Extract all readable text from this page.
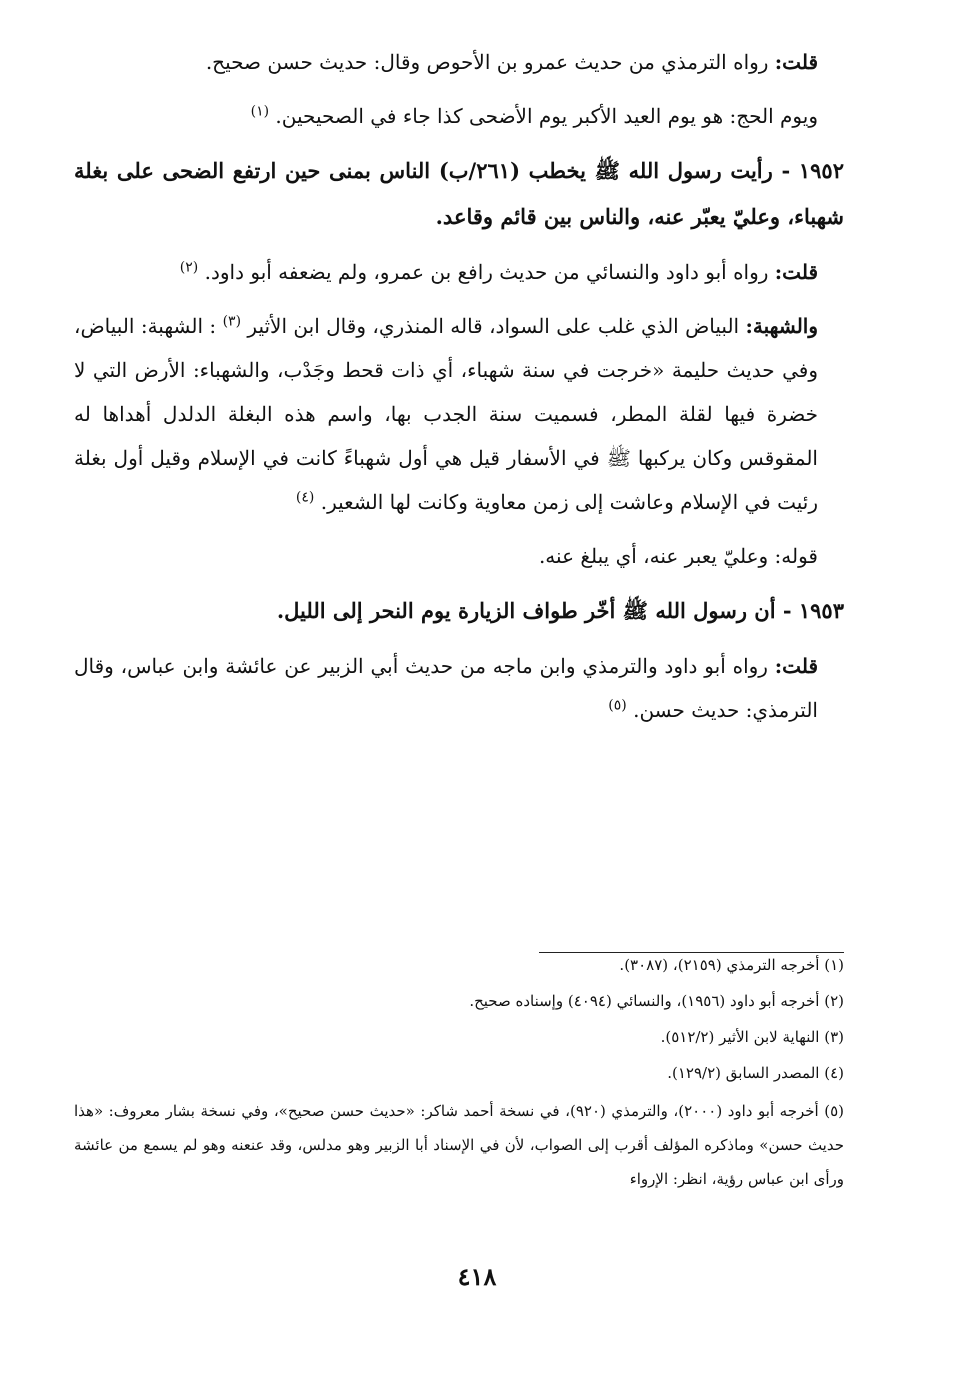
قلت: رواه الترمذي من حديث عمرو بن الأحوص وقال: حديث حسن صحيح.

ويوم الحج: هو يوم العيد الأكبر يوم الأضحى كذا جاء في الصحيحين. $^{(١)}$

١٩٥٢ - رأيت رسول الله ﷺ يخطب (٢٦١/ب) الناس بمنى حين ارتفع الضحى على بغلة شهباء، وعليّ يعبّر عنه، والناس بين قائم وقاعد.

قلت: رواه أبو داود والنسائي من حديث رافع بن عمرو، ولم يضعفه أبو داود. $^{(٢)}$

والشهبة: البياض الذي غلب على السواد، قاله المنذري، وقال ابن الأثير $^{(٣)}$ : الشهبة: البياض، وفي حديث حليمة «خرجت في سنة شهباء، أي ذات قحط وجَدْب، والشهباء: الأرض التي لا خضرة فيها لقلة المطر، فسميت سنة الجدب بها، واسم هذه البغلة الدلدل أهداها له المقوقس وكان يركبها ﷺ في الأسفار قيل هي أول شهباءً كانت في الإسلام وقيل أول بغلة رئيت في الإسلام وعاشت إلى زمن معاوية وكانت لها الشعير. $^{(٤)}$

قوله: وعليّ يعبر عنه، أي يبلغ عنه.

١٩٥٣ - أن رسول الله ﷺ أخّر طواف الزيارة يوم النحر إلى الليل.

قلت: رواه أبو داود والترمذي وابن ماجه من حديث أبي الزبير عن عائشة وابن عباس، وقال الترمذي: حديث حسن. $^{(٥)}$

(١) أخرجه الترمذي (٢١٥٩)، (٣٠٨٧).

(٢) أخرجه أبو داود (١٩٥٦)، والنسائي (٤٠٩٤) وإسناده صحيح.

(٣) النهاية لابن الأثير (٥١٢/٢).

(٤) المصدر السابق (١٢٩/٢).

(٥) أخرجه أبو داود (٢٠٠٠)، والترمذي (٩٢٠)، في نسخة أحمد شاكر: «حديث حسن صحيح»، وفي نسخة بشار معروف: «هذا حديث حسن» وماذكره المؤلف أقرب إلى الصواب، لأن في الإسناد أبا الزبير وهو مدلس، وقد عنعنه وهو لم يسمع من عائشة ورأى ابن عباس رؤية، انظر: الإرواء

٤١٨
